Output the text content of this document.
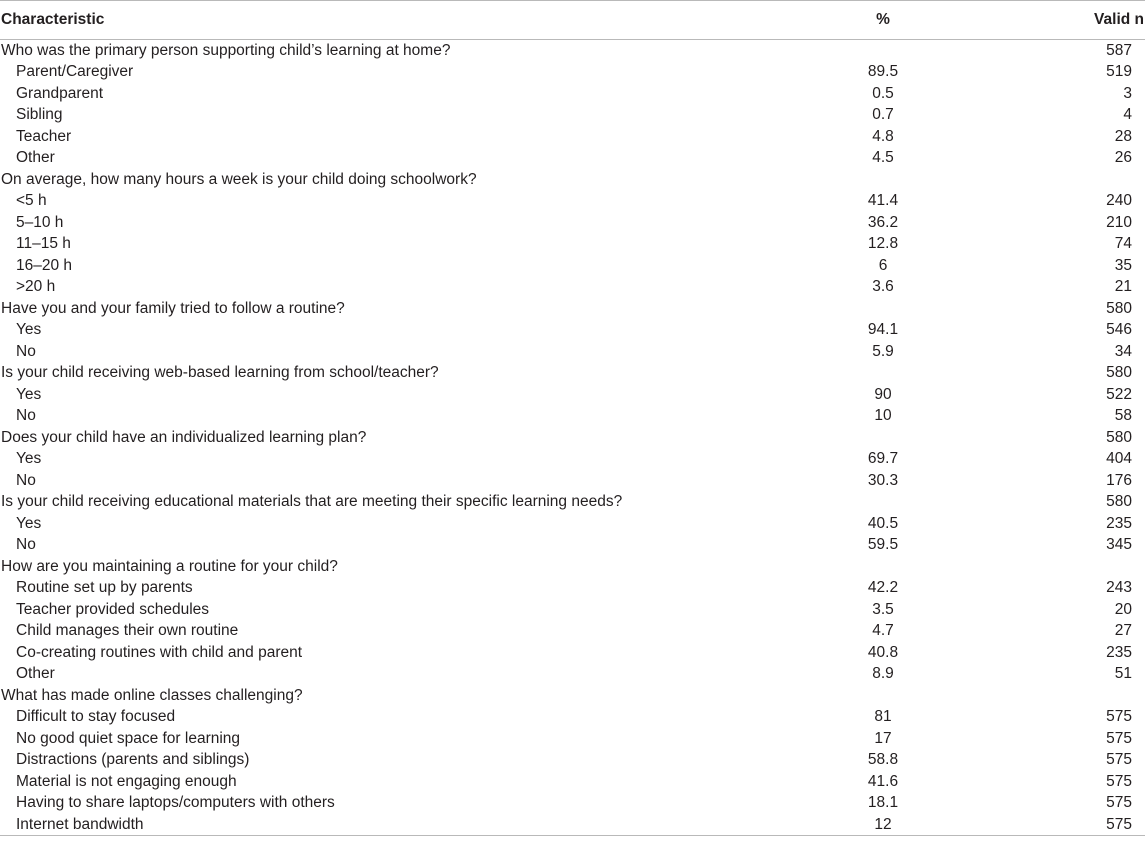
Characteristic	%	Valid n
Who was the primary person supporting child’s learning at home?		587
Parent/Caregiver	89.5	519
Grandparent	0.5	3
Sibling	0.7	4
Teacher	4.8	28
Other	4.5	26
On average, how many hours a week is your child doing schoolwork?		
<5 h	41.4	240
5–10 h	36.2	210
11–15 h	12.8	74
16–20 h	6	35
>20 h	3.6	21
Have you and your family tried to follow a routine?		580
Yes	94.1	546
No	5.9	34
Is your child receiving web-based learning from school/teacher?		580
Yes	90	522
No	10	58
Does your child have an individualized learning plan?		580
Yes	69.7	404
No	30.3	176
Is your child receiving educational materials that are meeting their specific learning needs?		580
Yes	40.5	235
No	59.5	345
How are you maintaining a routine for your child?		
Routine set up by parents	42.2	243
Teacher provided schedules	3.5	20
Child manages their own routine	4.7	27
Co-creating routines with child and parent	40.8	235
Other	8.9	51
What has made online classes challenging?		
Difficult to stay focused	81	575
No good quiet space for learning	17	575
Distractions (parents and siblings)	58.8	575
Material is not engaging enough	41.6	575
Having to share laptops/computers with others	18.1	575
Internet bandwidth	12	575
